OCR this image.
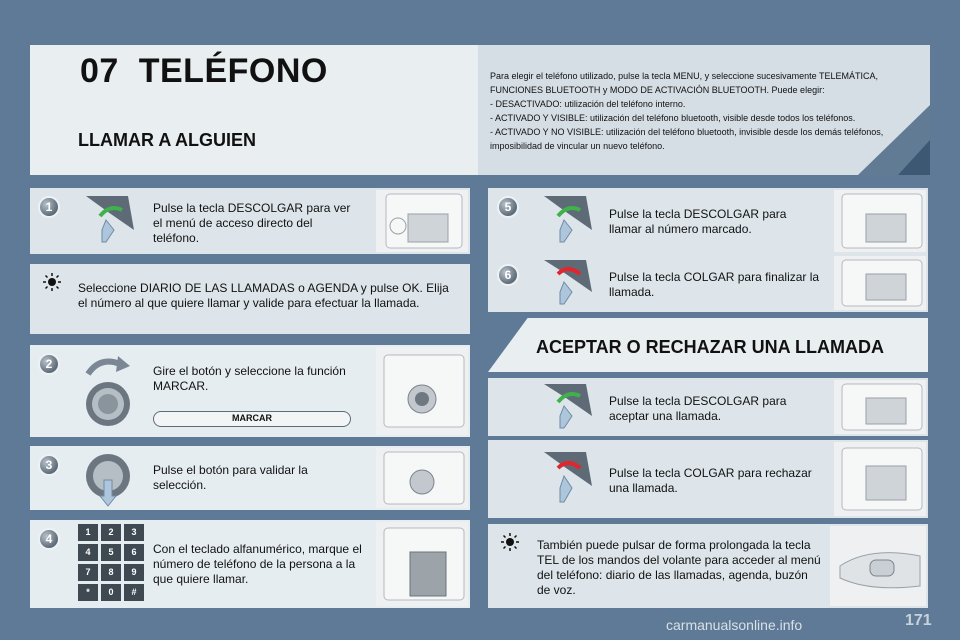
07 TELÉFONO
LLAMAR A ALGUIEN

Para elegir el teléfono utilizado, pulse la tecla MENU, y seleccione sucesivamente TELEMÁTICA, FUNCIONES BLUETOOTH y MODO DE ACTIVACIÓN BLUETOOTH. Puede elegir:

- DESACTIVADO: utilización del teléfono interno.

- ACTIVADO Y VISIBLE: utilización del teléfono bluetooth, visible desde todos los teléfonos.

- ACTIVADO Y NO VISIBLE: utilización del teléfono bluetooth, invisible desde los demás teléfonos, imposibilidad de vincular un nuevo teléfono.

1	Pulse la tecla DESCOLGAR para ver el menú de acceso directo del teléfono.
Seleccione DIARIO DE LAS LLAMADAS o AGENDA y pulse OK. Elija el número al que quiere llamar y valide para efectuar la llamada.
2	Gire el botón y seleccione la función MARCAR.
MARCAR
3	Pulse el botón para validar la selección.
4	1	2	3
4	5	6
7	8	9
*	0	#
Con el teclado alfanumérico, marque el número de teléfono de la persona a la que quiere llamar.
5	Pulse la tecla DESCOLGAR para llamar al número marcado.
6	Pulse la tecla COLGAR para finalizar la llamada.
ACEPTAR O RECHAZAR UNA LLAMADA
Pulse la tecla DESCOLGAR para aceptar una llamada.
Pulse la tecla COLGAR para rechazar una llamada.
También puede pulsar de forma prolongada la tecla TEL de los mandos del volante para acceder al menú del teléfono: diario de las llamadas, agenda, buzón de voz.
carmanualsonline.info	171
